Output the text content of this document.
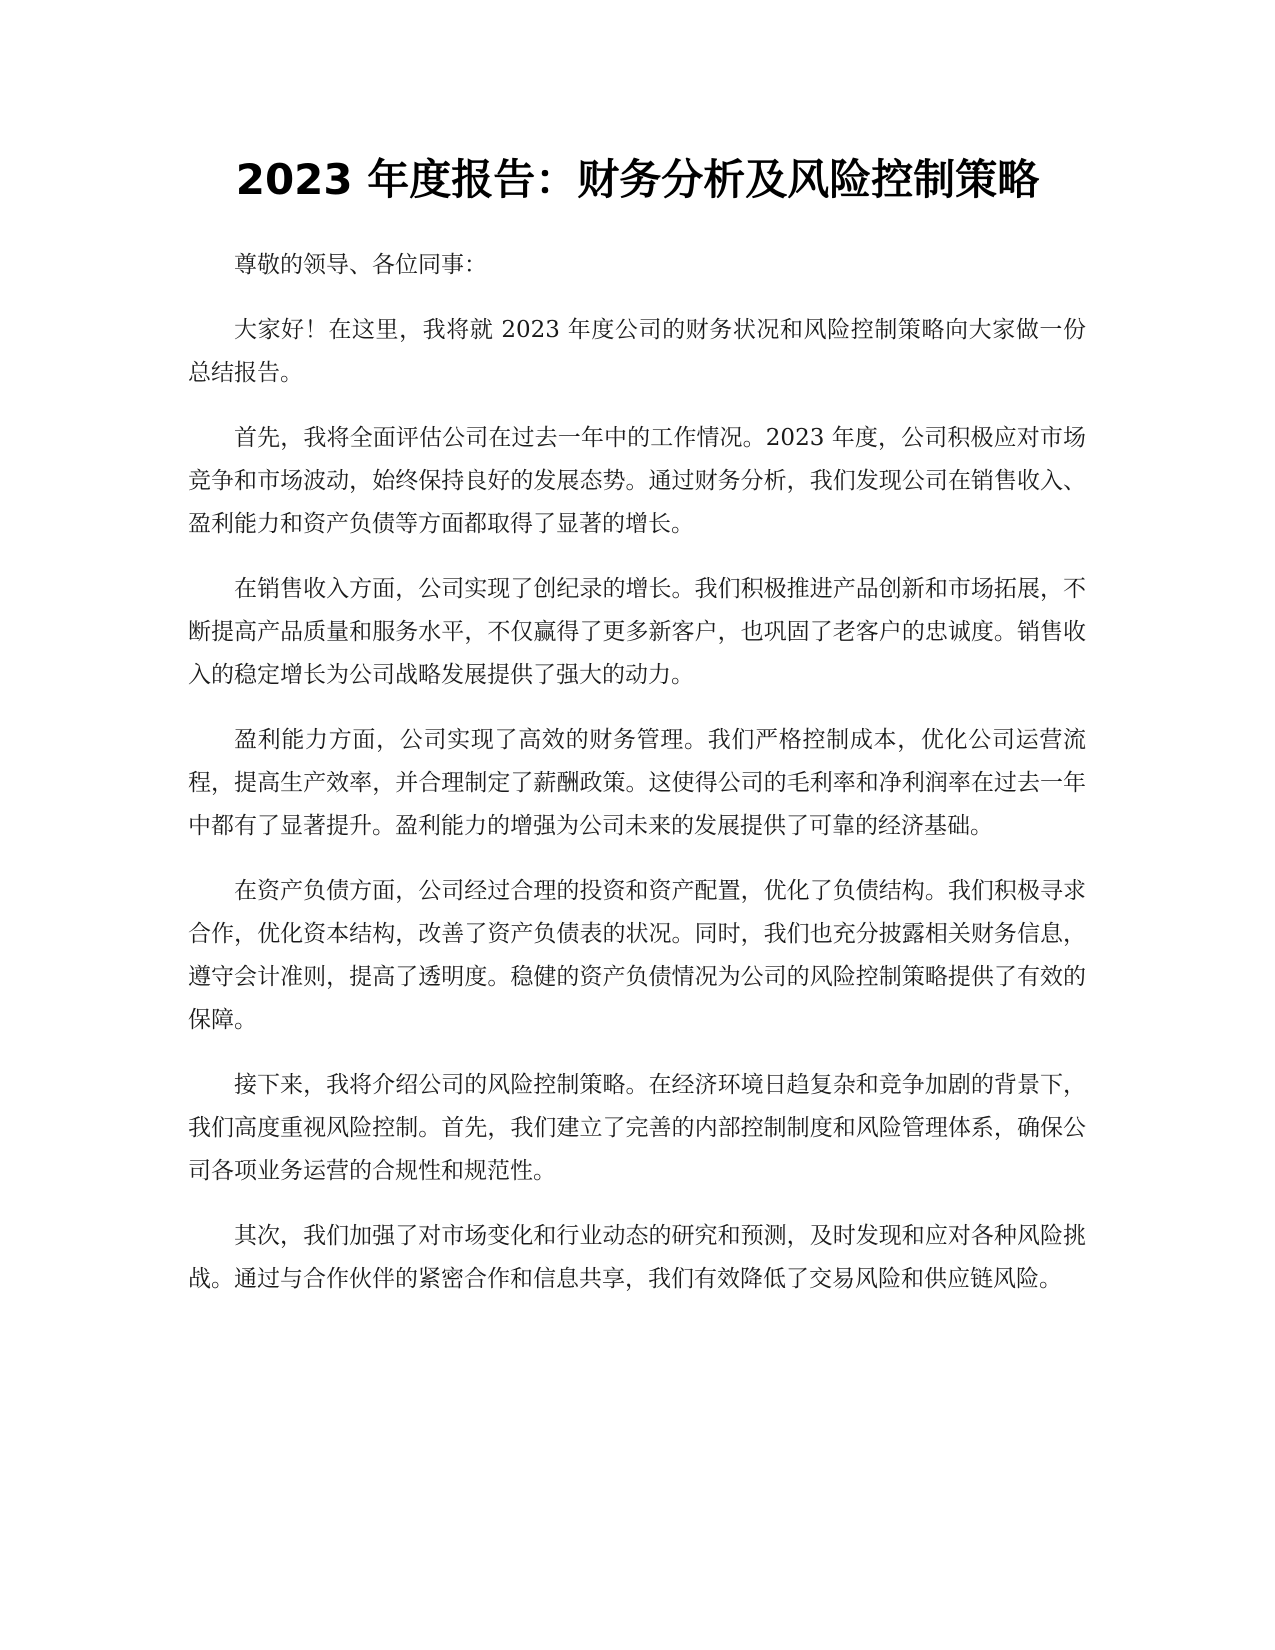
2023 年度报告：财务分析及风险控制策略

尊敬的领导、各位同事：

大家好！在这里，我将就 2023 年度公司的财务状况和风险控制策略向大家做一份总结报告。

首先，我将全面评估公司在过去一年中的工作情况。2023 年度，公司积极应对市场竞争和市场波动，始终保持良好的发展态势。通过财务分析，我们发现公司在销售收入、盈利能力和资产负债等方面都取得了显著的增长。

在销售收入方面，公司实现了创纪录的增长。我们积极推进产品创新和市场拓展，不断提高产品质量和服务水平，不仅赢得了更多新客户，也巩固了老客户的忠诚度。销售收入的稳定增长为公司战略发展提供了强大的动力。

盈利能力方面，公司实现了高效的财务管理。我们严格控制成本，优化公司运营流程，提高生产效率，并合理制定了薪酬政策。这使得公司的毛利率和净利润率在过去一年中都有了显著提升。盈利能力的增强为公司未来的发展提供了可靠的经济基础。

在资产负债方面，公司经过合理的投资和资产配置，优化了负债结构。我们积极寻求合作，优化资本结构，改善了资产负债表的状况。同时，我们也充分披露相关财务信息，遵守会计准则，提高了透明度。稳健的资产负债情况为公司的风险控制策略提供了有效的保障。

接下来，我将介绍公司的风险控制策略。在经济环境日趋复杂和竞争加剧的背景下，我们高度重视风险控制。首先，我们建立了完善的内部控制制度和风险管理体系，确保公司各项业务运营的合规性和规范性。

其次，我们加强了对市场变化和行业动态的研究和预测，及时发现和应对各种风险挑战。通过与合作伙伴的紧密合作和信息共享，我们有效降低了交易风险和供应链风险。
